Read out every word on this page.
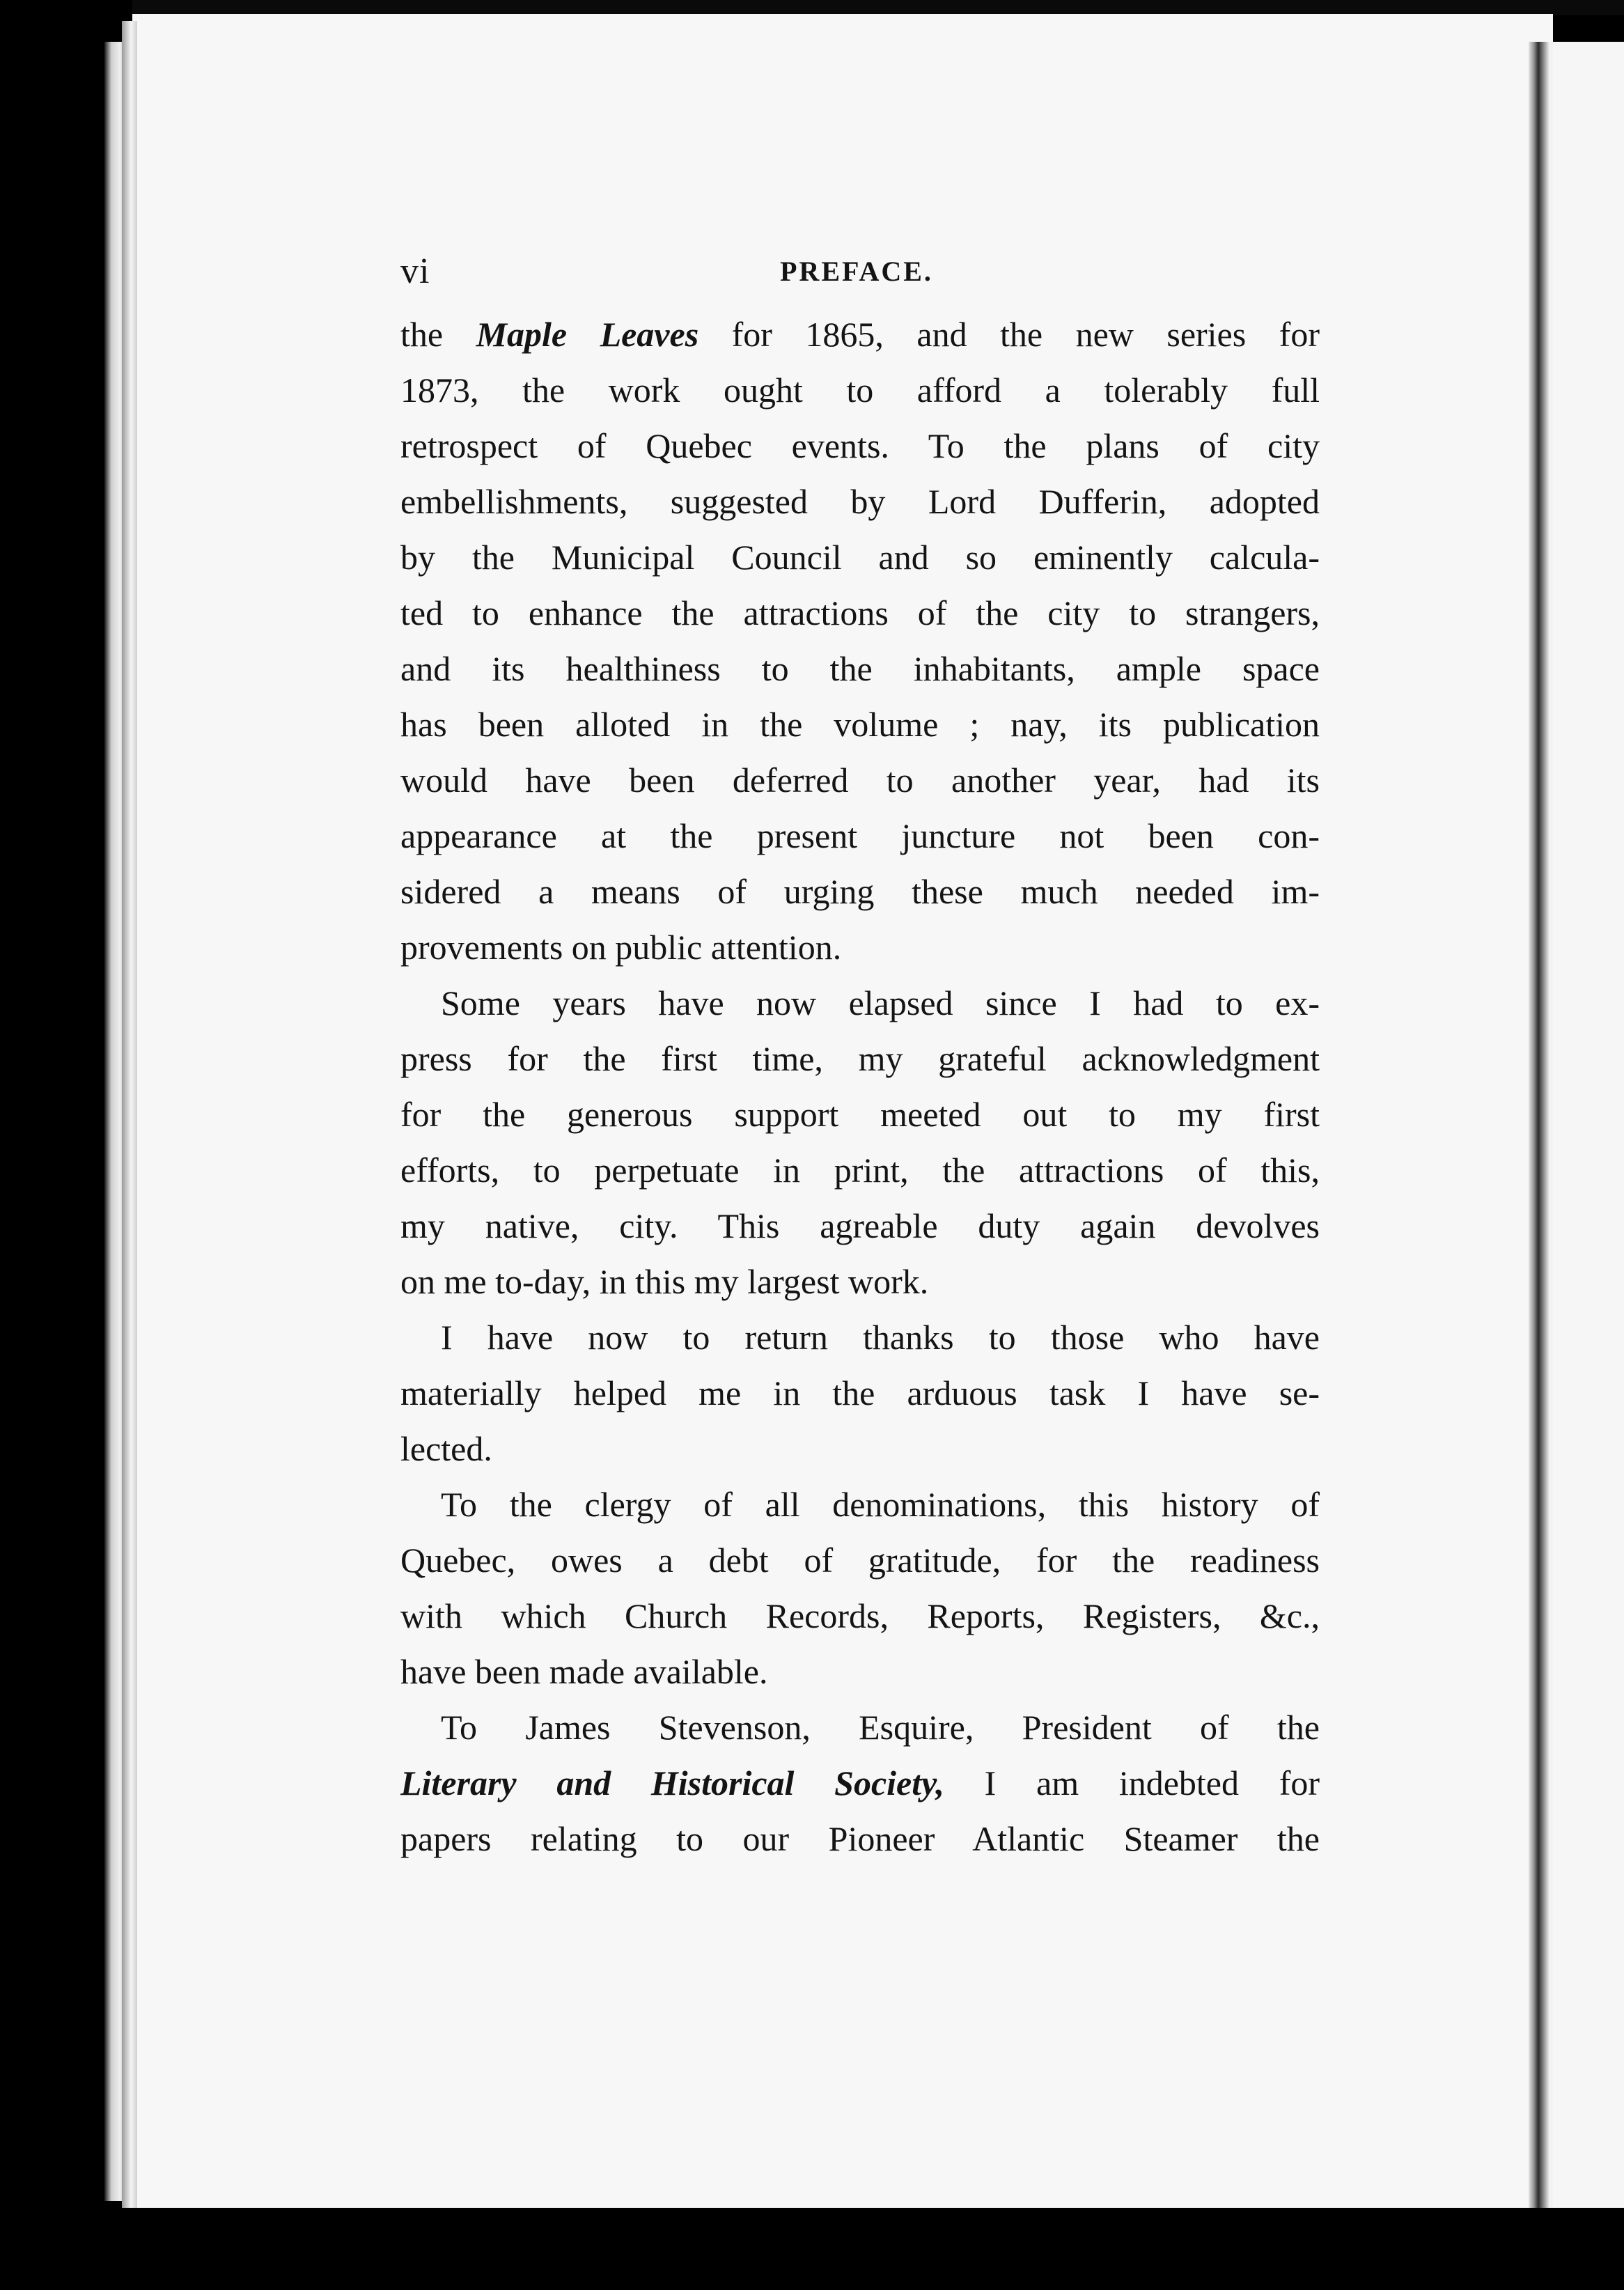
vi	PREFACE.

the Maple Leaves for 1865, and the new series for
1873, the work ought to afford a tolerably full
retrospect of Quebec events. To the plans of city
embellishments, suggested by Lord Dufferin, adopted
by the Municipal Council and so eminently calcula-
ted to enhance the attractions of the city to strangers,
and its healthiness to the inhabitants, ample space
has been alloted in the volume ; nay, its publication
would have been deferred to another year, had its
appearance at the present juncture not been con-
sidered a means of urging these much needed im-
provements on public attention.

Some years have now elapsed since I had to ex-
press for the first time, my grateful acknowledgment
for the generous support meeted out to my first
efforts, to perpetuate in print, the attractions of this,
my native, city. This agreable duty again devolves
on me to-day, in this my largest work.

I have now to return thanks to those who have
materially helped me in the arduous task I have se-
lected.

To the clergy of all denominations, this history of
Quebec, owes a debt of gratitude, for the readiness
with which Church Records, Reports, Registers, &c.,
have been made available.

To James Stevenson, Esquire, President of the
Literary and Historical Society, I am indebted for
papers relating to our Pioneer Atlantic Steamer the
